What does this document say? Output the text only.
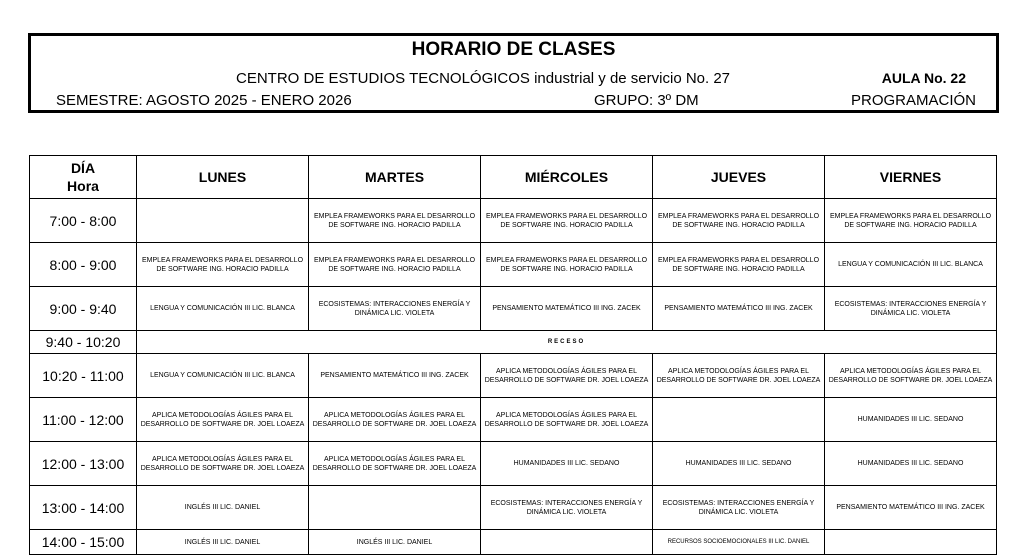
HORARIO DE CLASES
CENTRO DE ESTUDIOS TECNOLÓGICOS industrial y de servicio No. 27	AULA No. 22
SEMESTRE: AGOSTO 2025 - ENERO 2026	GRUPO: 3º DM	PROGRAMACIÓN
DÍA
Hora	LUNES	MARTES	MIÉRCOLES	JUEVES	VIERNES
7:00 - 8:00		EMPLEA FRAMEWORKS PARA EL DESARROLLO DE SOFTWARE ING. HORACIO PADILLA	EMPLEA FRAMEWORKS PARA EL DESARROLLO DE SOFTWARE ING. HORACIO PADILLA	EMPLEA FRAMEWORKS PARA EL DESARROLLO DE SOFTWARE ING. HORACIO PADILLA	EMPLEA FRAMEWORKS PARA EL DESARROLLO DE SOFTWARE ING. HORACIO PADILLA
8:00 - 9:00	EMPLEA FRAMEWORKS PARA EL DESARROLLO DE SOFTWARE ING. HORACIO PADILLA	EMPLEA FRAMEWORKS PARA EL DESARROLLO DE SOFTWARE ING. HORACIO PADILLA	EMPLEA FRAMEWORKS PARA EL DESARROLLO DE SOFTWARE ING. HORACIO PADILLA	EMPLEA FRAMEWORKS PARA EL DESARROLLO DE SOFTWARE ING. HORACIO PADILLA	LENGUA Y COMUNICACIÓN III LIC. BLANCA
9:00 - 9:40	LENGUA Y COMUNICACIÓN III LIC. BLANCA	ECOSISTEMAS: INTERACCIONES ENERGÍA Y DINÁMICA LIC. VIOLETA	PENSAMIENTO MATEMÁTICO III ING. ZACEK	PENSAMIENTO MATEMÁTICO III ING. ZACEK	ECOSISTEMAS: INTERACCIONES ENERGÍA Y DINÁMICA LIC. VIOLETA
9:40 - 10:20	RECESO				
10:20 - 11:00	LENGUA Y COMUNICACIÓN III LIC. BLANCA	PENSAMIENTO MATEMÁTICO III ING. ZACEK	APLICA METODOLOGÍAS ÁGILES PARA EL DESARROLLO DE SOFTWARE DR. JOEL LOAEZA	APLICA METODOLOGÍAS ÁGILES PARA EL DESARROLLO DE SOFTWARE DR. JOEL LOAEZA	APLICA METODOLOGÍAS ÁGILES PARA EL DESARROLLO DE SOFTWARE DR. JOEL LOAEZA
11:00 - 12:00	APLICA METODOLOGÍAS ÁGILES PARA EL DESARROLLO DE SOFTWARE DR. JOEL LOAEZA	APLICA METODOLOGÍAS ÁGILES PARA EL DESARROLLO DE SOFTWARE DR. JOEL LOAEZA	APLICA METODOLOGÍAS ÁGILES PARA EL DESARROLLO DE SOFTWARE DR. JOEL LOAEZA		HUMANIDADES III LIC. SEDANO
12:00 - 13:00	APLICA METODOLOGÍAS ÁGILES PARA EL DESARROLLO DE SOFTWARE DR. JOEL LOAEZA	APLICA METODOLOGÍAS ÁGILES PARA EL DESARROLLO DE SOFTWARE DR. JOEL LOAEZA	HUMANIDADES III LIC. SEDANO	HUMANIDADES III LIC. SEDANO	HUMANIDADES III LIC. SEDANO
13:00 - 14:00	INGLÉS III LIC. DANIEL		ECOSISTEMAS: INTERACCIONES ENERGÍA Y DINÁMICA LIC. VIOLETA	ECOSISTEMAS: INTERACCIONES ENERGÍA Y DINÁMICA LIC. VIOLETA	PENSAMIENTO MATEMÁTICO III ING. ZACEK
14:00 - 15:00	INGLÉS III LIC. DANIEL	INGLÉS III LIC. DANIEL		RECURSOS SOCIOEMOCIONALES III LIC. DANIEL	
